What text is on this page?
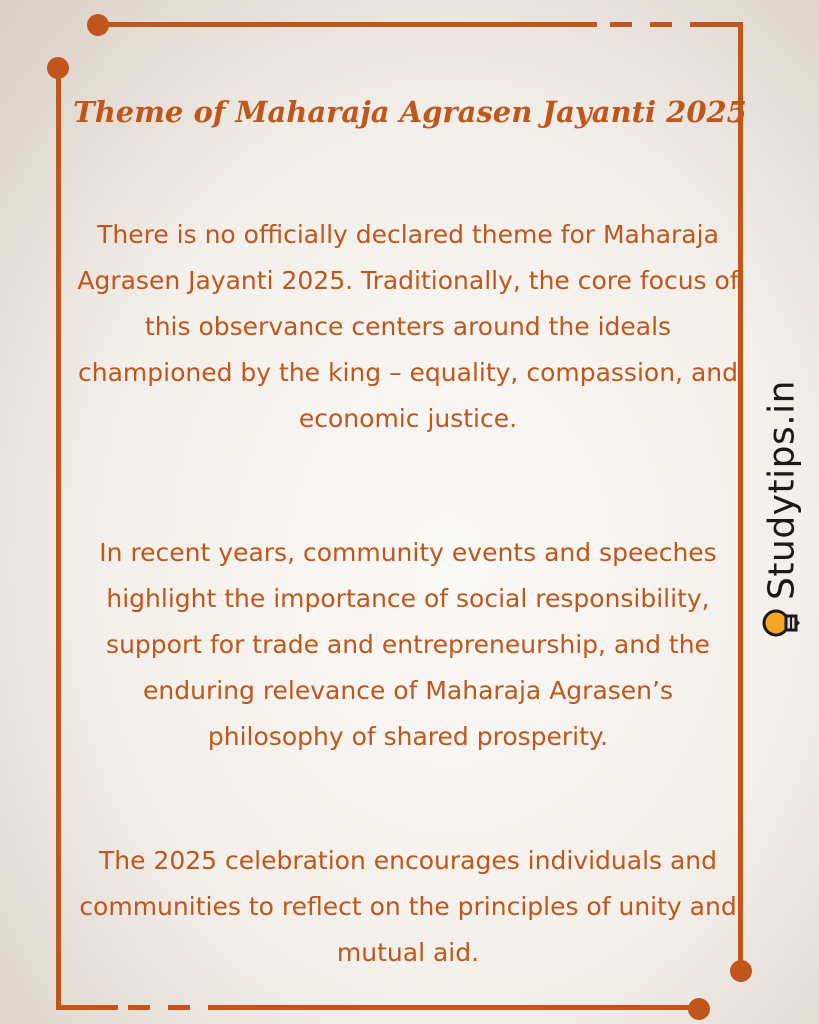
Theme of Maharaja Agrasen Jayanti 2025

There is no officially declared theme for Maharaja Agrasen Jayanti 2025. Traditionally, the core focus of this observance centers around the ideals championed by the king – equality, compassion, and economic justice.

In recent years, community events and speeches highlight the importance of social responsibility, support for trade and entrepreneurship, and the enduring relevance of Maharaja Agrasen’s philosophy of shared prosperity.

The 2025 celebration encourages individuals and communities to reflect on the principles of unity and mutual aid.

Studytips.in
